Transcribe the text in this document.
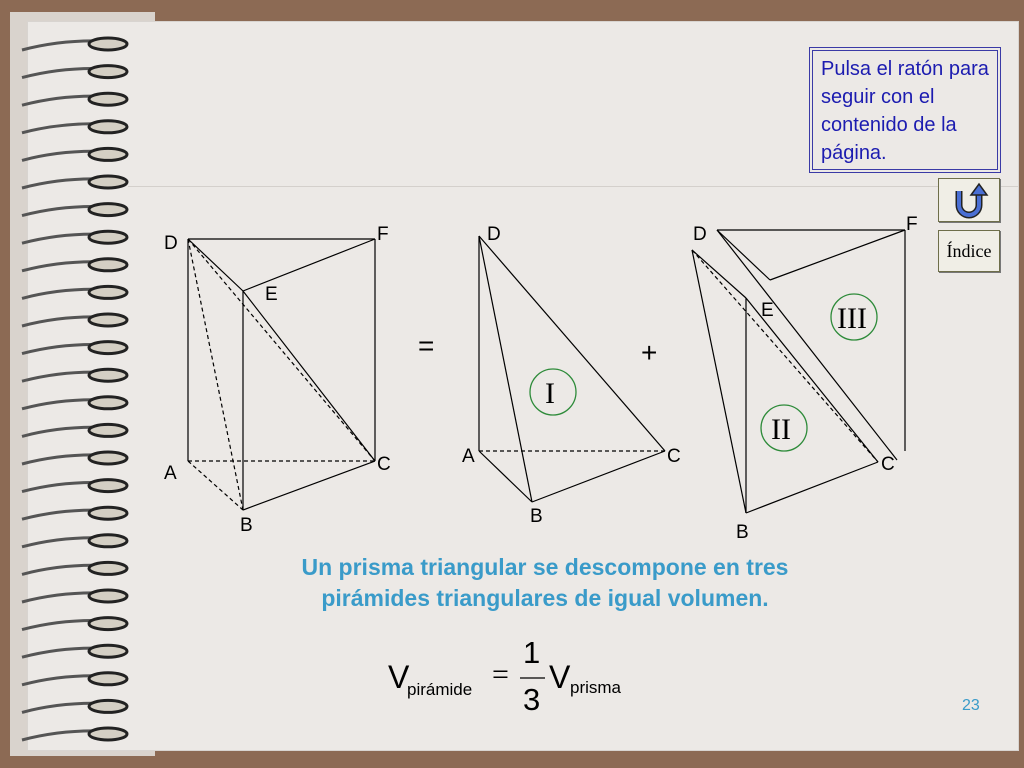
Pulsa el ratón para seguir con el contenido de la página.
Índice
D	F
E
A	C
B
=
I
D
A	C
B
+
III
II
D	F
E
C
B
V
pirámide =
1
3
V prisma
Un prisma triangular se descompone en tres
pirámides triangulares de igual volumen.
23
